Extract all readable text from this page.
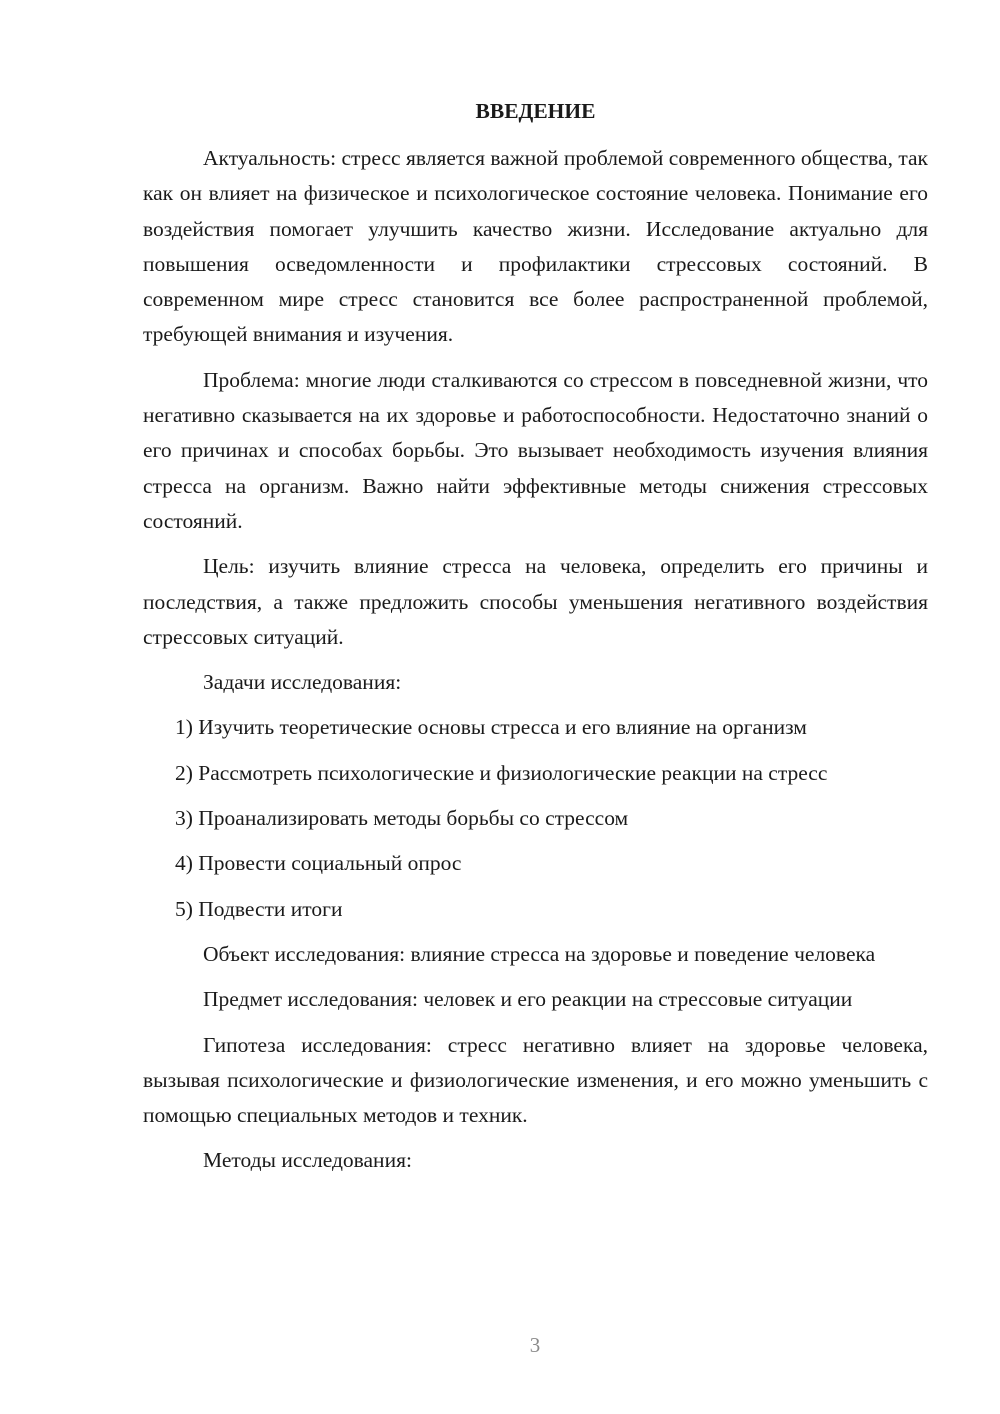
ВВЕДЕНИЕ

Актуальность: стресс является важной проблемой современного общества, так как он влияет на физическое и психологическое состояние человека. Понимание его воздействия помогает улучшить качество жизни. Исследование актуально для повышения осведомленности и профилактики стрессовых состояний. В современном мире стресс становится все более распространенной проблемой, требующей внимания и изучения.

Проблема: многие люди сталкиваются со стрессом в повседневной жизни, что негативно сказывается на их здоровье и работоспособности. Недостаточно знаний о его причинах и способах борьбы. Это вызывает необходимость изучения влияния стресса на организм. Важно найти эффективные методы снижения стрессовых состояний.

Цель: изучить влияние стресса на человека, определить его причины и последствия, а также предложить способы уменьшения негативного воздействия стрессовых ситуаций.

Задачи исследования:

1) Изучить теоретические основы стресса и его влияние на организм
2) Рассмотреть психологические и физиологические реакции на стресс
3) Проанализировать методы борьбы со стрессом
4) Провести социальный опрос
5) Подвести итоги

Объект исследования: влияние стресса на здоровье и поведение человека

Предмет исследования: человек и его реакции на стрессовые ситуации

Гипотеза исследования: стресс негативно влияет на здоровье человека, вызывая психологические и физиологические изменения, и его можно уменьшить с помощью специальных методов и техник.

Методы исследования:

3
